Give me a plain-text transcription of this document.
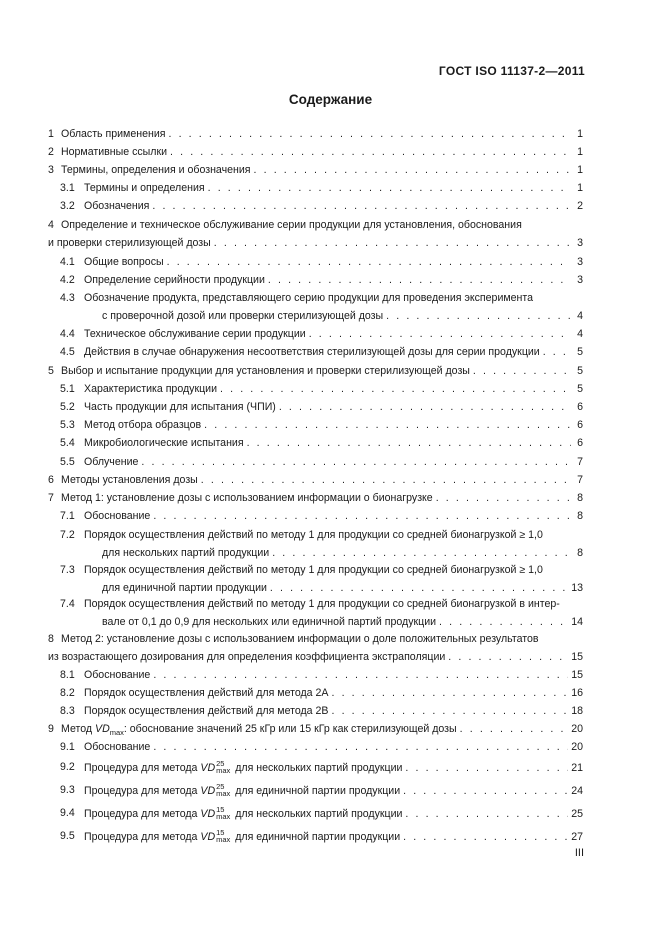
ГОСТ ISO 11137-2—2011
Содержание
1 Область применения . . .	1
2 Нормативные ссылки . . .	1
3 Термины, определения и обозначения . . .	1
3.1 Термины и определения . . .	1
3.2 Обозначения . . .	2
4 Определение и техническое обслуживание серии продукции для установления, обоснования
и проверки стерилизующей дозы . . .	3
4.1 Общие вопросы . . .	3
4.2 Определение серийности продукции . . .	3
4.3 Обозначение продукта, представляющего серию продукции для проведения эксперимента
с проверочной дозой или проверки стерилизующей дозы . . .	4
4.4 Техническое обслуживание серии продукции . . .	4
4.5 Действия в случае обнаружения несоответствия стерилизующей дозы для серии продукции . . .	5
5 Выбор и испытание продукции для установления и проверки стерилизующей дозы . . .	5
5.1 Характеристика продукции . . .	5
5.2 Часть продукции для испытания (ЧПИ) . . .	6
5.3 Метод отбора образцов . . .	6
5.4 Микробиологические испытания . . .	6
5.5 Облучение . . .	7
6 Методы установления дозы . . .	7
7 Метод 1: установление дозы с использованием информации о бионагрузке . . .	8
7.1 Обоснование . . .	8
7.2 Порядок осуществления действий по методу 1 для продукции со средней бионагрузкой ≥ 1,0
для нескольких партий продукции . . .	8
7.3 Порядок осуществления действий по методу 1 для продукции со средней бионагрузкой ≥ 1,0
для единичной партии продукции . . .	13
7.4 Порядок осуществления действий по методу 1 для продукции со средней бионагрузкой в интер-
вале от 0,1 до 0,9 для нескольких или единичной партий продукции . . .	14
8 Метод 2: установление дозы с использованием информации о доле положительных результатов
из возрастающего дозирования для определения коэффициента экстраполяции . . .	15
8.1 Обоснование . . .	15
8.2 Порядок осуществления действий для метода 2A . . .	16
8.3 Порядок осуществления действий для метода 2B . . .	18
9 Метод $VD_{max}$: обоснование значений 25 кГр или 15 кГр как стерилизующей дозы . . .	20
9.1 Обоснование . . .	20
9.2 Процедура для метода VD 25
max для нескольких партий продукции . . .	21
9.3 Процедура для метода VD 25
max для единичной партии продукции . . .	24
9.4 Процедура для метода VD 15
max для нескольких партий продукции . . .	25
9.5 Процедура для метода VD 15
max для единичной партии продукции . . .	27
III
